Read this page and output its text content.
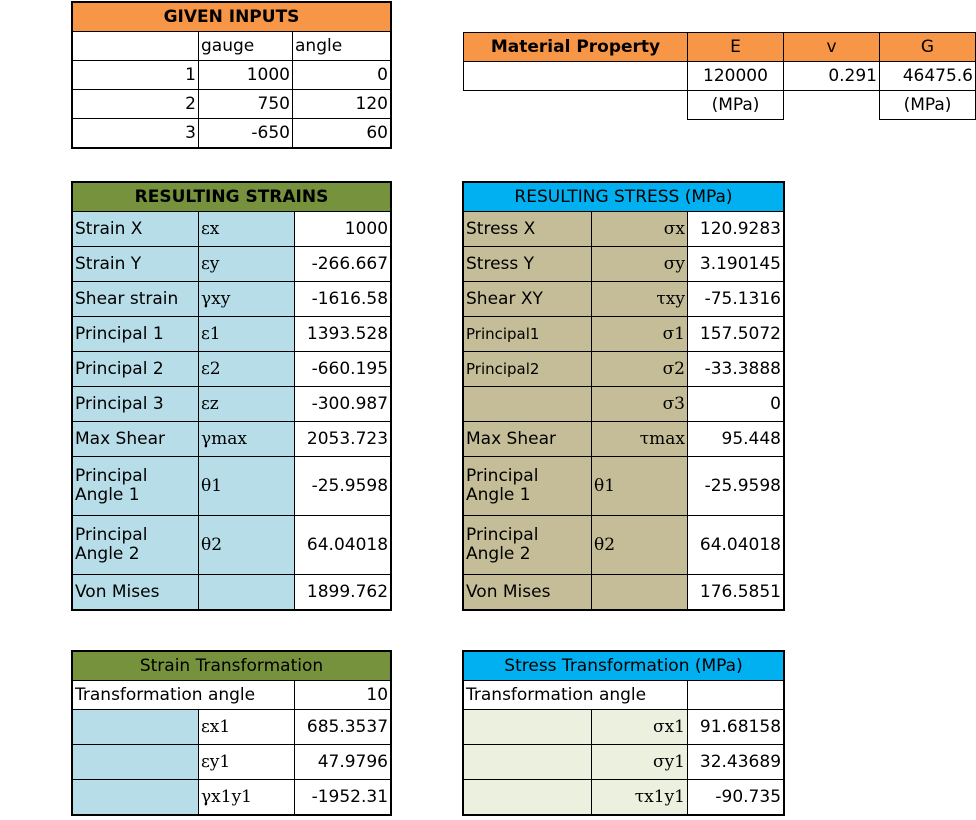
GIVEN INPUTS		
	gauge	angle
1	1000	0
2	750	120
3	-650	60
Material Property	E	v	G
	120000	0.291	46475.6
	(MPa)		(MPa)
RESULTING STRAINS		
Strain X	εx	1000
Strain Y	εy	-266.667
Shear strain	γxy	-1616.58
Principal 1	ε1	1393.528
Principal 2	ε2	-660.195
Principal 3	εz	-300.987
Max Shear	γmax	2053.723
Principal Angle 1	θ1	-25.9598
Principal Angle 2	θ2	64.04018
Von Mises		1899.762
RESULTING STRESS (MPa)		
Stress X	σx	120.9283
Stress Y	σy	3.190145
Shear XY	τxy	-75.1316
Principal1	σ1	157.5072
Principal2	σ2	-33.3888
	σ3	0
Max Shear	τmax	95.448
Principal Angle 1	θ1	-25.9598
Principal Angle 2	θ2	64.04018
Von Mises		176.5851
Strain Transformation		
Transformation angle		10
	εx1	685.3537
	εy1	47.9796
	γx1y1	-1952.31
Stress Transformation (MPa)		
Transformation angle		
	σx1	91.68158
	σy1	32.43689
	τx1y1	-90.735
